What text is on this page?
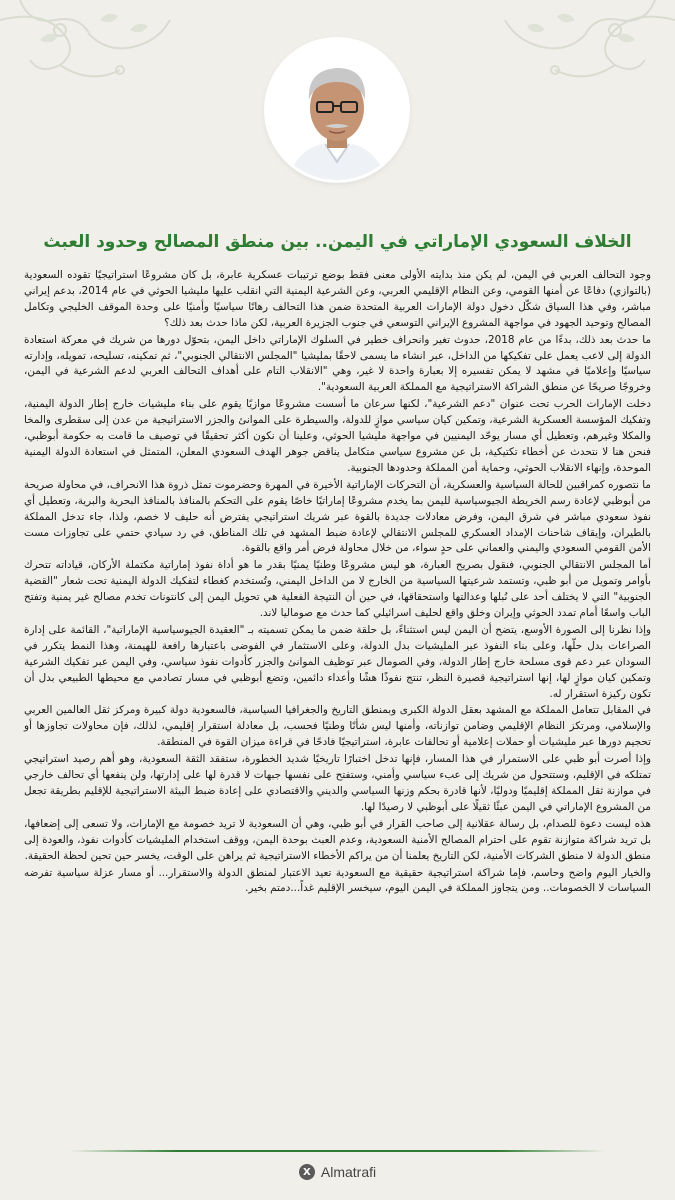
الخلاف السعودي الإماراتي في اليمن.. بين منطق المصالح وحدود العبث

وجود التحالف العربي في اليمن، لم يكن منذ بدايته الأولى معنى فقط بوضع ترتيبات عسكرية عابرة، بل كان مشروعًا استراتيجيًا تقوده السعودية (بالتوازي) دفاعًا عن أمنها القومي، وعن النظام الإقليمي العربي، وعن الشرعية اليمنية التي انقلب عليها مليشيا الحوثي في عام 2014، بدعم إيراني مباشر، وفي هذا السياق شكّل دخول دولة الإمارات العربية المتحدة ضمن هذا التحالف رهانًا سياسيًا وأمنيًا على وحدة الموقف الخليجي وتكامل المصالح وتوحيد الجهود في مواجهة المشروع الإيراني التوسعي في جنوب الجزيرة العربية، لكن ماذا حدث بعد ذلك؟

ما حدث بعد ذلك، بدءًا من عام 2018، حدوث تغير وانحراف خطير في السلوك الإماراتي داخل اليمن، بتحوّل دورها من شريك في معركة استعادة الدولة إلى لاعب يعمل على تفكيكها من الداخل، عبر انشاء ما يسمى لاحقًا بمليشيا "المجلس الانتقالي الجنوبي"، ثم تمكينه، تسليحه، تمويله، وإدارته سياسيًا وإعلاميًا في مشهد لا يمكن تفسيره إلا بعبارة واحدة لا غير، وهي "الانقلاب التام على أهداف التحالف العربي لدعم الشرعية في اليمن، وخروجًا صريحًا عن منطق الشراكة الاستراتيجية مع المملكة العربية السعودية".

دخلت الإمارات الحرب تحت عنوان "دعم الشرعية"، لكنها سرعان ما أسست مشروعًا موازيًا يقوم على بناء مليشيات خارج إطار الدولة اليمنية، وتفكيك المؤسسة العسكرية الشرعية، وتمكين كيان سياسي موازٍ للدولة، والسيطرة على الموانئ والجزر الاستراتيجية من عدن إلى سقطرى والمخا والمكلا وغيرهم، وتعطيل أي مسار يوحّد اليمنيين في مواجهة مليشيا الحوثي، وعلينا أن نكون أكثر تحقيقًا في توصيف ما قامت به حكومة أبوظبي، فنحن هنا لا نتحدث عن أخطاء تكتيكية، بل عن مشروع سياسي متكامل يناقض جوهر الهدف السعودي المعلن، المتمثل في استعادة الدولة اليمنية الموحدة، وإنهاء الانقلاب الحوثي، وحماية أمن المملكة وحدودها الجنوبية.

ما نتصوره كمراقبين للحالة السياسية والعسكرية، أن التحركات الإماراتية الأخيرة في المهرة وحضرموت تمثل ذروة هذا الانحراف، في محاولة صريحة من أبوظبي لإعادة رسم الخريطة الجيوسياسية لليمن بما يخدم مشروعًا إماراتيًا خاصًا يقوم على التحكم بالمنافذ بالمنافذ البحرية والبرية، وتعطيل أي نفوذ سعودي مباشر في شرق اليمن، وفرض معادلات جديدة بالقوة عبر شريك استراتيجي يفترض أنه حليف لا خصم، ولذا، جاء تدخل المملكة بالطيران، وإيقاف شاحنات الإمداد العسكري للمجلس الانتقالي لإعادة ضبط المشهد في تلك المناطق، في رد سيادي حتمي على تجاوزات مست الأمن القومي السعودي واليمني والعماني على حدٍ سواء، من خلال محاولة فرض أمر واقع بالقوة.

أما المجلس الانتقالي الجنوبي، فنقول بصريح العبارة، هو ليس مشروعًا وطنيًا يمنيًا بقدر ما هو أداة نفوذ إماراتية مكتملة الأركان، قياداته تتحرك بأوامر وتمويل من أبو ظبي، وتستمد شرعيتها السياسية من الخارج لا من الداخل اليمني، وتُستخدم كغطاء لتفكيك الدولة اليمنية تحت شعار "القضية الجنوبية" التي لا يختلف أحد على نُبلها وعدالتها واستحقاقها، في حين أن النتيجة الفعلية هي تحويل اليمن إلى كانتونات تخدم مصالح غير يمنية وتفتح الباب واسعًا أمام تمدد الحوثي وإيران وخلق واقع لحليف اسرائيلي كما حدث مع صوماليا لاند.

وإذا نظرنا إلى الصورة الأوسع، يتضح أن اليمن ليس استثناءً، بل حلقة ضمن ما يمكن تسميته بـ "العقيدة الجيوسياسية الإماراتية"، القائمة على إدارة الصراعات بدل حلّها، وعلى بناء النفوذ عبر المليشيات بدل الدولة، وعلى الاستثمار في الفوضى باعتبارها رافعة للهيمنة، وهذا النمط يتكرر في السودان عبر دعم قوى مسلحة خارج إطار الدولة، وفي الصومال عبر توظيف الموانئ والجزر كأدوات نفوذ سياسي، وفي اليمن عبر تفكيك الشرعية وتمكين كيان موازٍ لها، إنها استراتيجية قصيرة النظر، تنتج نفوذًا هشًا وأعداء دائمين، وتضع أبوظبي في مسار تصادمي مع محيطها الطبيعي بدل أن تكون ركيزة استقرار له.

في المقابل تتعامل المملكة مع المشهد بعقل الدولة الكبرى وبمنطق التاريخ والجغرافيا السياسية، فالسعودية دولة كبيرة ومركز ثقل العالمين العربي والإسلامي، ومرتكز النظام الإقليمي وضامن توازناته، وأمنها ليس شأنًا وطنيًا فحسب، بل معادلة استقرار إقليمي، لذلك، فإن محاولات تجاوزها أو تحجيم دورها عبر مليشيات أو حملات إعلامية أو تحالفات عابرة، استراتيجيًا فادحًا في قراءة ميزان القوة في المنطقة.

وإذا أصرت أبو ظبي على الاستمرار في هذا المسار، فإنها تدخل اختبارًا تاريخيًا شديد الخطورة، ستفقد الثقة السعودية، وهو أهم رصيد استراتيجي تمتلكه في الإقليم، وستتحول من شريك إلى عبء سياسي وأمني، وستفتح على نفسها جبهات لا قدرة لها على إدارتها، ولن ينفعها أي تحالف خارجي في موازنة ثقل المملكة إقليميًا ودوليًا، لأنها قادرة بحكم وزنها السياسي والديني والاقتصادي على إعادة ضبط البيئة الاستراتيجية للإقليم بطريقة تجعل من المشروع الإماراتي في اليمن عبئًا ثقيلًا على أبوظبي لا رصيدًا لها.

هذه ليست دعوة للصدام، بل رسالة عقلانية إلى صاحب القرار في أبو ظبي، وهي أن السعودية لا تريد خصومة مع الإمارات، ولا تسعى إلى إضعافها، بل تريد شراكة متوازنة تقوم على احترام المصالح الأمنية السعودية، وعدم العبث بوحدة اليمن، ووقف استخدام المليشيات كأدوات نفوذ، والعودة إلى منطق الدولة لا منطق الشركات الأمنية، لكن التاريخ يعلمنا أن من يراكم الأخطاء الاستراتيجية ثم يراهن على الوقت، يخسر حين تحين لحظة الحقيقة.

والخيار اليوم واضح وحاسم، فإما شراكة استراتيجية حقيقية مع السعودية تعيد الاعتبار لمنطق الدولة والاستقرار... أو مسار عزلة سياسية تفرضه السياسات لا الخصومات.. ومن يتجاوز المملكة في اليمن اليوم، سيخسر الإقليم غداً...دمتم بخير.

X Almatrafi
